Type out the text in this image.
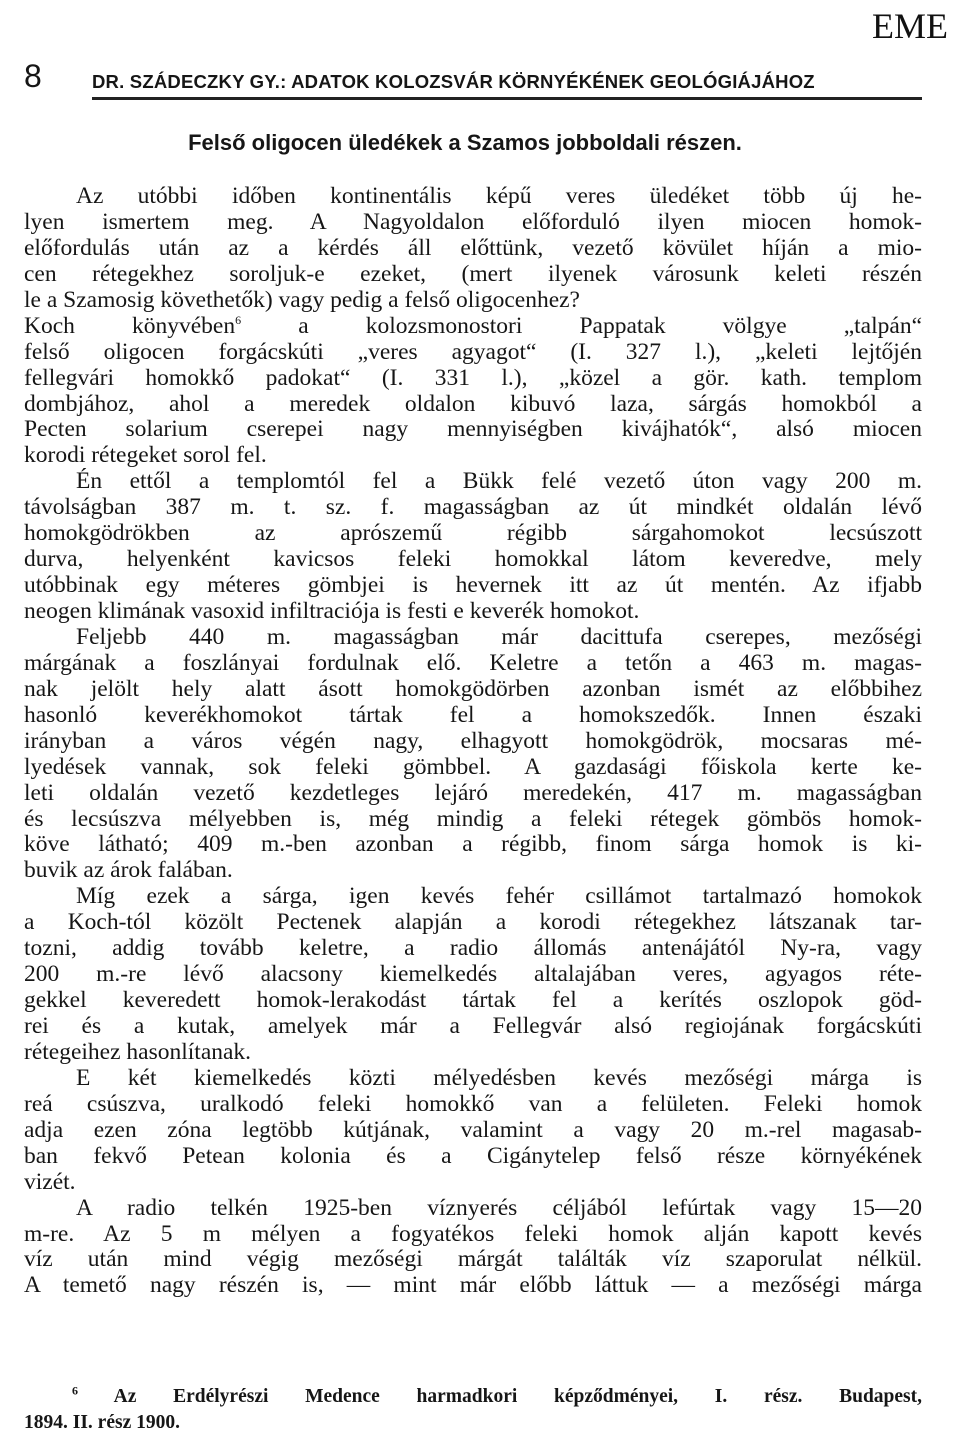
8	DR. SZÁDECZKY GY.: ADATOK KOLOZSVÁR KÖRNYÉKÉNEK GEOLÓGIÁJÁHOZ
EME
Felső oligocen üledékek a Szamos jobboldali részen.
Az utóbbi időben kontinentális képű veres üledéket több új he-
lyen ismertem meg. A Nagyoldalon előforduló ilyen miocen homok-
előfordulás után az a kérdés áll előttünk, vezető kövület híján a mio-
cen rétegekhez soroljuk-e ezeket, (mert ilyenek városunk keleti részén
le a Szamosig követhetők) vagy pedig a felső oligocenhez?
Koch könyvében$^6$ a kolozsmonostori Pappatak völgye „talpán“
felső oligocen forgácskúti „veres agyagot“ (I. 327 l.), „keleti lejtőjén
fellegvári homokkő padokat“ (I. 331 l.), „közel a gör. kath. templom
dombjához, ahol a meredek oldalon kibuvó laza, sárgás homokból a
Pecten solarium cserepei nagy mennyiségben kivájhatók“, alsó miocen
korodi rétegeket sorol fel.
Én ettől a templomtól fel a Bükk felé vezető úton vagy 200 m.
távolságban 387 m. t. sz. f. magasságban az út mindkét oldalán lévő
homokgödrökben az aprószemű régibb sárgahomokot lecsúszott
durva, helyenként kavicsos feleki homokkal látom keveredve, mely
utóbbinak egy méteres gömbjei is hevernek itt az út mentén. Az ifjabb
neogen klimának vasoxid infiltraciója is festi e keverék homokot.
Feljebb 440 m. magasságban már dacittufa cserepes, mezőségi
márgának a foszlányai fordulnak elő. Keletre a tetőn a 463 m. magas-
nak jelölt hely alatt ásott homokgödörben azonban ismét az előbbihez
hasonló keverékhomokot tártak fel a homokszedők. Innen északi
irányban a város végén nagy, elhagyott homokgödrök, mocsaras mé-
lyedések vannak, sok feleki gömbbel. A gazdasági főiskola kerte ke-
leti oldalán vezető kezdetleges lejáró meredekén, 417 m. magasságban
és lecsúszva mélyebben is, még mindig a feleki rétegek gömbös homok-
köve látható; 409 m.-ben azonban a régibb, finom sárga homok is ki-
buvik az árok falában.
Míg ezek a sárga, igen kevés fehér csillámot tartalmazó homokok
a Koch-tól közölt Pectenek alapján a korodi rétegekhez látszanak tar-
tozni, addig tovább keletre, a radio állomás antenájától Ny-ra, vagy
200 m.-re lévő alacsony kiemelkedés altalajában veres, agyagos réte-
gekkel keveredett homok-lerakodást tártak fel a kerítés oszlopok göd-
rei és a kutak, amelyek már a Fellegvár alsó regiojának forgácskúti
rétegeihez hasonlítanak.
E két kiemelkedés közti mélyedésben kevés mezőségi márga is
reá csúszva, uralkodó feleki homokkő van a felületen. Feleki homok
adja ezen zóna legtöbb kútjának, valamint a vagy 20 m.-rel magasab-
ban fekvő Petean kolonia és a Cigánytelep felső része környékének
vizét.
A radio telkén 1925-ben víznyerés céljából lefúrtak vagy 15—20
m-re. Az 5 m mélyen a fogyatékos feleki homok alján kapott kevés
víz után mind végig mezőségi márgát találták víz szaporulat nélkül.
A temető nagy részén is, — mint már előbb láttuk — a mezőségi márga
$^6$ Az Erdélyrészi Medence harmadkori képződményei, I. rész. Budapest,
1894. II. rész 1900.
